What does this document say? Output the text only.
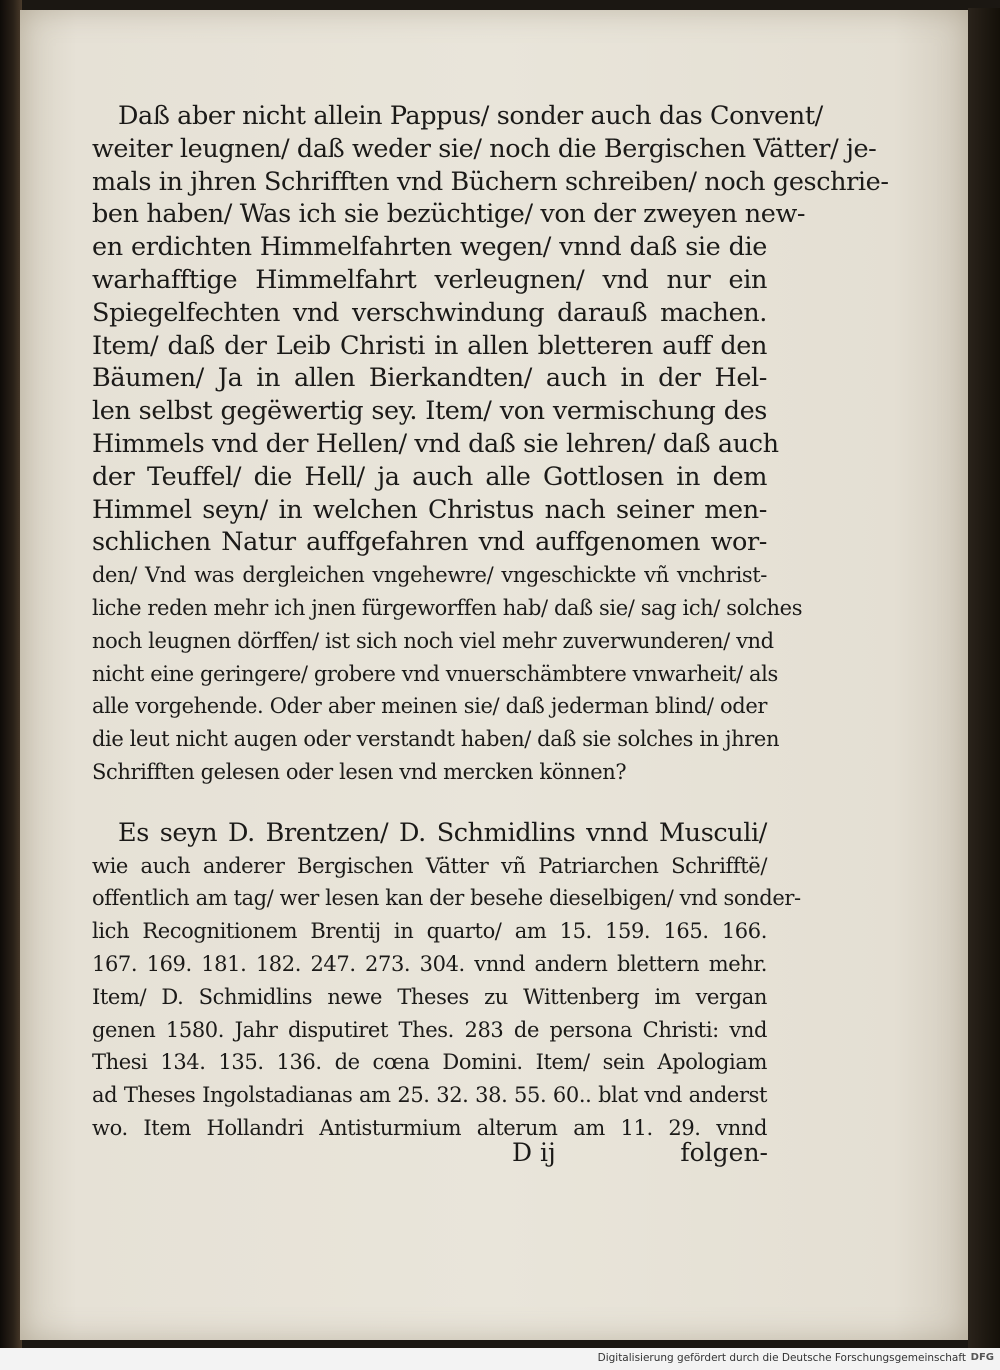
Daß aber nicht allein Pappus/ sonder auch das Convent/
weiter leugnen/ daß weder sie/ noch die Bergischen Vätter/ je-
mals in jhren Schrifften vnd Büchern schreiben/ noch geschrie-
ben haben/ Was ich sie bezüchtige/ von der zweyen new-
en erdichten Himmelfahrten wegen/ vnnd daß sie die
warhafftige Himmelfahrt verleugnen/ vnd nur ein
Spiegelfechten vnd verschwindung darauß machen.
Item/ daß der Leib Christi in allen bletteren auff den
Bäumen/ Ja in allen Bierkandten/ auch in der Hel-
len selbst gegëwertig sey. Item/ von vermischung des
Himmels vnd der Hellen/ vnd daß sie lehren/ daß auch
der Teuffel/ die Hell/ ja auch alle Gottlosen in dem
Himmel seyn/ in welchen Christus nach seiner men-
schlichen Natur auffgefahren vnd auffgenomen wor-
den/ Vnd was dergleichen vngehewre/ vngeschickte vñ vnchrist-
liche reden mehr ich jnen fürgeworffen hab/ daß sie/ sag ich/ solches
noch leugnen dörffen/ ist sich noch viel mehr zuverwunderen/ vnd
nicht eine geringere/ grobere vnd vnuerschämbtere vnwarheit/ als
alle vorgehende. Oder aber meinen sie/ daß jederman blind/ oder
die leut nicht augen oder verstandt haben/ daß sie solches in jhren
Schrifften gelesen oder lesen vnd mercken können?
Es seyn D. Brentzen/ D. Schmidlins vnnd Musculi/
wie auch anderer Bergischen Vätter vñ Patriarchen Schrifftë/
offentlich am tag/ wer lesen kan der besehe dieselbigen/ vnd sonder-
lich Recognitionem Brentij in quarto/ am 15. 159. 165. 166.
167. 169. 181. 182. 247. 273. 304. vnnd andern blettern mehr.
Item/ D. Schmidlins newe Theses zu Wittenberg im vergan
genen 1580. Jahr disputiret Thes. 283 de persona Christi: vnd
Thesi 134. 135. 136. de cœna Domini. Item/ sein Apologiam
ad Theses Ingolstadianas am 25. 32. 38. 55. 60.. blat vnd anderst
wo. Item Hollandri Antisturmium alterum am 11. 29. vnnd
D ij	folgen-
Digitalisierung gefördert durch die Deutsche Forschungsgemeinschaft DFG
